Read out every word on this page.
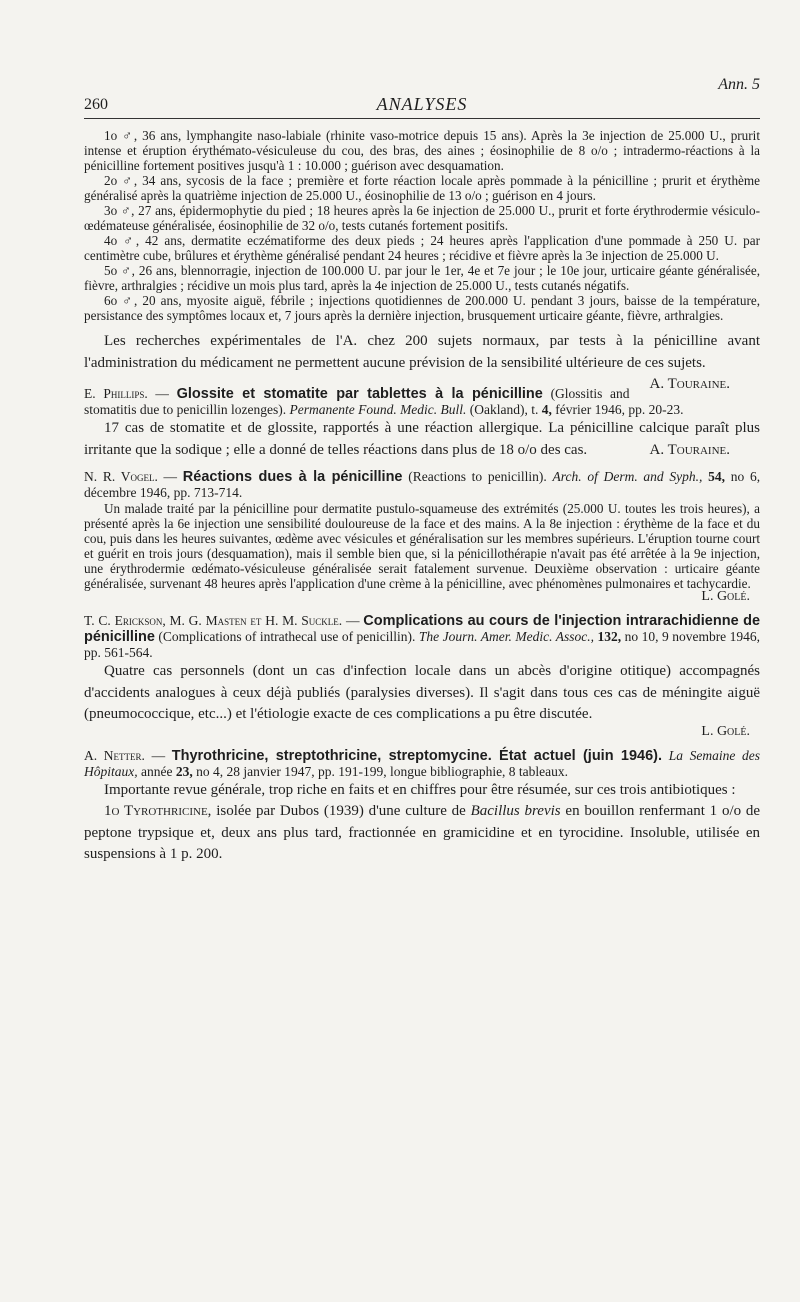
Ann. 5
260	ANALYSES

1o ♂, 36 ans, lymphangite naso-labiale (rhinite vaso-motrice depuis 15 ans). Après la 3e injection de 25.000 U., prurit intense et éruption érythémato-vésiculeuse du cou, des bras, des aines ; éosinophilie de 8 o/o ; intradermo-réactions à la pénicilline fortement positives jusqu'à 1 : 10.000 ; guérison avec desquamation.

2o ♂, 34 ans, sycosis de la face ; première et forte réaction locale après pommade à la pénicilline ; prurit et érythème généralisé après la quatrième injection de 25.000 U., éosinophilie de 13 o/o ; guérison en 4 jours.

3o ♂, 27 ans, épidermophytie du pied ; 18 heures après la 6e injection de 25.000 U., prurit et forte érythrodermie vésiculo-œdémateuse généralisée, éosinophilie de 32 o/o, tests cutanés fortement positifs.

4o ♂, 42 ans, dermatite eczématiforme des deux pieds ; 24 heures après l'application d'une pommade à 250 U. par centimètre cube, brûlures et érythème généralisé pendant 24 heures ; récidive et fièvre après la 3e injection de 25.000 U.

5o ♂, 26 ans, blennorragie, injection de 100.000 U. par jour le 1er, 4e et 7e jour ; le 10e jour, urticaire géante généralisée, fièvre, arthralgies ; récidive un mois plus tard, après la 4e injection de 25.000 U., tests cutanés négatifs.

6o ♂, 20 ans, myosite aiguë, fébrile ; injections quotidiennes de 200.000 U. pendant 3 jours, baisse de la température, persistance des symptômes locaux et, 7 jours après la dernière injection, brusquement urticaire géante, fièvre, arthralgies.

Les recherches expérimentales de l'A. chez 200 sujets normaux, par tests à la pénicilline avant l'administration du médicament ne permettent aucune prévision de la sensibilité ultérieure de ces sujets.
A. Touraine.

E. Phillips. — Glossite et stomatite par tablettes à la pénicilline (Glossitis and stomatitis due to penicillin lozenges). Permanente Found. Medic. Bull. (Oakland), t. 4, février 1946, pp. 20-23.

17 cas de stomatite et de glossite, rapportés à une réaction allergique. La pénicilline calcique paraît plus irritante que la sodique ; elle a donné de telles réactions dans plus de 18 o/o des cas.	A. Touraine.

N. R. Vogel. — Réactions dues à la pénicilline (Reactions to penicillin). Arch. of Derm. and Syph., 54, no 6, décembre 1946, pp. 713-714.

Un malade traité par la pénicilline pour dermatite pustulo-squameuse des extrémités (25.000 U. toutes les trois heures), a présenté après la 6e injection une sensibilité douloureuse de la face et des mains. A la 8e injection : érythème de la face et du cou, puis dans les heures suivantes, œdème avec vésicules et généralisation sur les membres supérieurs. L'éruption tourne court et guérit en trois jours (desquamation), mais il semble bien que, si la pénicillothérapie n'avait pas été arrêtée à la 9e injection, une érythrodermie œdémato-vésiculeuse généralisée serait fatalement survenue. Deuxième observation : urticaire géante généralisée, survenant 48 heures après l'application d'une crème à la pénicilline, avec phénomènes pulmonaires et tachycardie.

L. Golé.

T. C. Erickson, M. G. Masten et H. M. Suckle. — Complications au cours de l'injection intrarachidienne de pénicilline (Complications of intrathecal use of penicillin). The Journ. Amer. Medic. Assoc., 132, no 10, 9 novembre 1946, pp. 561-564.

Quatre cas personnels (dont un cas d'infection locale dans un abcès d'origine otitique) accompagnés d'accidents analogues à ceux déjà publiés (paralysies diverses). Il s'agit dans tous ces cas de méningite aiguë (pneumococcique, etc...) et l'étiologie exacte de ces complications a pu être discutée.

L. Golé.

A. Netter. — Thyrothricine, streptothricine, streptomycine. État actuel (juin 1946). La Semaine des Hôpitaux, année 23, no 4, 28 janvier 1947, pp. 191-199, longue bibliographie, 8 tableaux.

Importante revue générale, trop riche en faits et en chiffres pour être résumée, sur ces trois antibiotiques :

1o Tyrothricine, isolée par Dubos (1939) d'une culture de Bacillus brevis en bouillon renfermant 1 o/o de peptone trypsique et, deux ans plus tard, fractionnée en gramicidine et en tyrocidine. Insoluble, utilisée en suspensions à 1 p. 200.
